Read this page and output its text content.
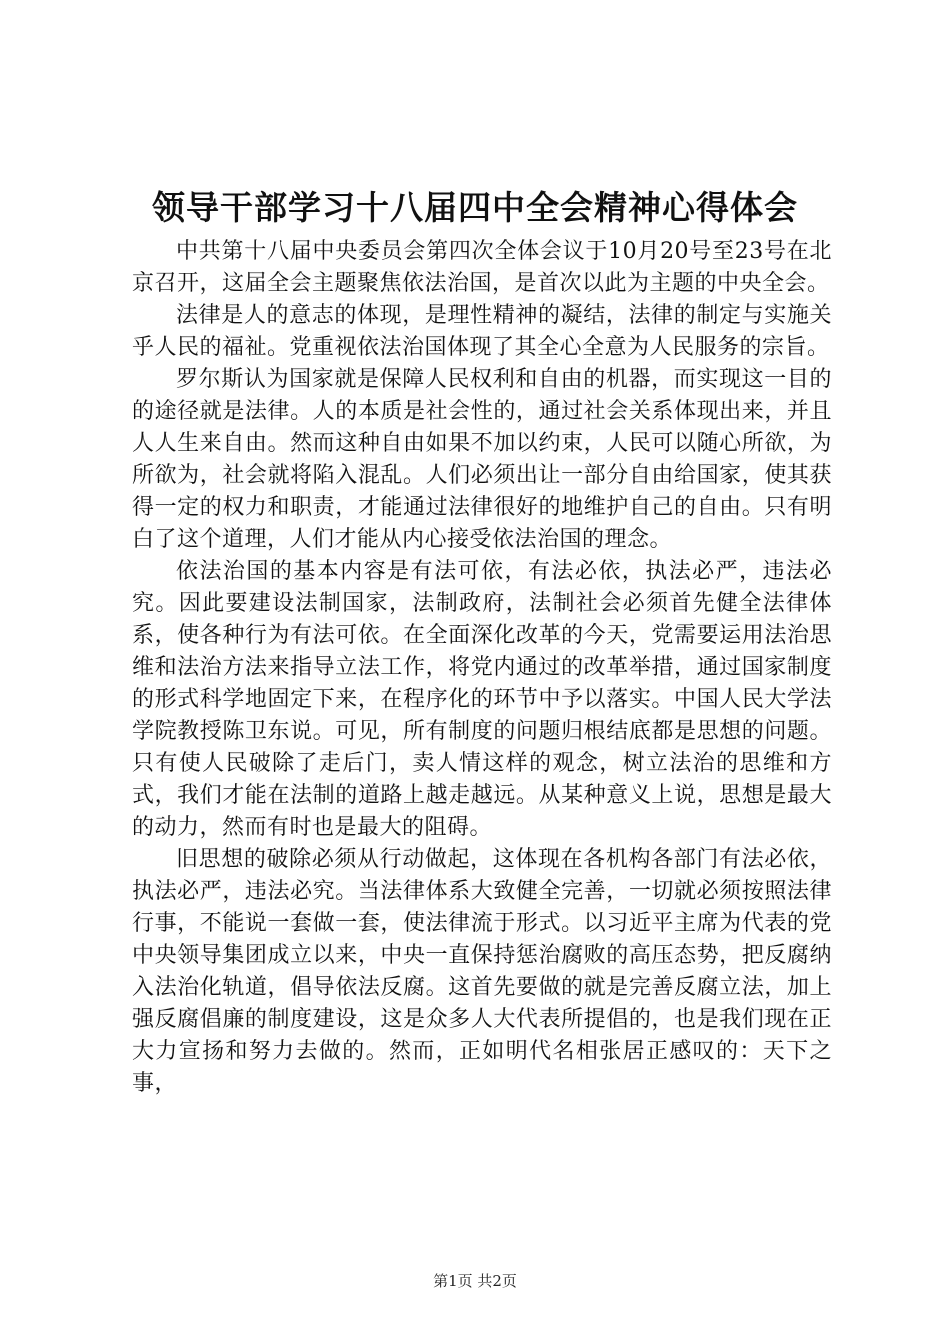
领导干部学习十八届四中全会精神心得体会

中共第十八届中央委员会第四次全体会议于10月20号至23号在北京召开，这届全会主题聚焦依法治国，是首次以此为主题的中央全会。

法律是人的意志的体现，是理性精神的凝结，法律的制定与实施关乎人民的福祉。党重视依法治国体现了其全心全意为人民服务的宗旨。

罗尔斯认为国家就是保障人民权利和自由的机器，而实现这一目的的途径就是法律。人的本质是社会性的，通过社会关系体现出来，并且人人生来自由。然而这种自由如果不加以约束，人民可以随心所欲，为所欲为，社会就将陷入混乱。人们必须出让一部分自由给国家，使其获得一定的权力和职责，才能通过法律很好的地维护自己的自由。只有明白了这个道理，人们才能从内心接受依法治国的理念。

依法治国的基本内容是有法可依，有法必依，执法必严，违法必究。因此要建设法制国家，法制政府，法制社会必须首先健全法律体系，使各种行为有法可依。在全面深化改革的今天，党需要运用法治思维和法治方法来指导立法工作，将党内通过的改革举措，通过国家制度的形式科学地固定下来，在程序化的环节中予以落实。中国人民大学法学院教授陈卫东说。可见，所有制度的问题归根结底都是思想的问题。只有使人民破除了走后门，卖人情这样的观念，树立法治的思维和方式，我们才能在法制的道路上越走越远。从某种意义上说，思想是最大的动力，然而有时也是最大的阻碍。

旧思想的破除必须从行动做起，这体现在各机构各部门有法必依，执法必严，违法必究。当法律体系大致健全完善，一切就必须按照法律行事，不能说一套做一套，使法律流于形式。以习近平主席为代表的党中央领导集团成立以来，中央一直保持惩治腐败的高压态势，把反腐纳入法治化轨道，倡导依法反腐。这首先要做的就是完善反腐立法，加上强反腐倡廉的制度建设，这是众多人大代表所提倡的，也是我们现在正大力宣扬和努力去做的。然而，正如明代名相张居正感叹的：天下之事，

第1页 共2页
